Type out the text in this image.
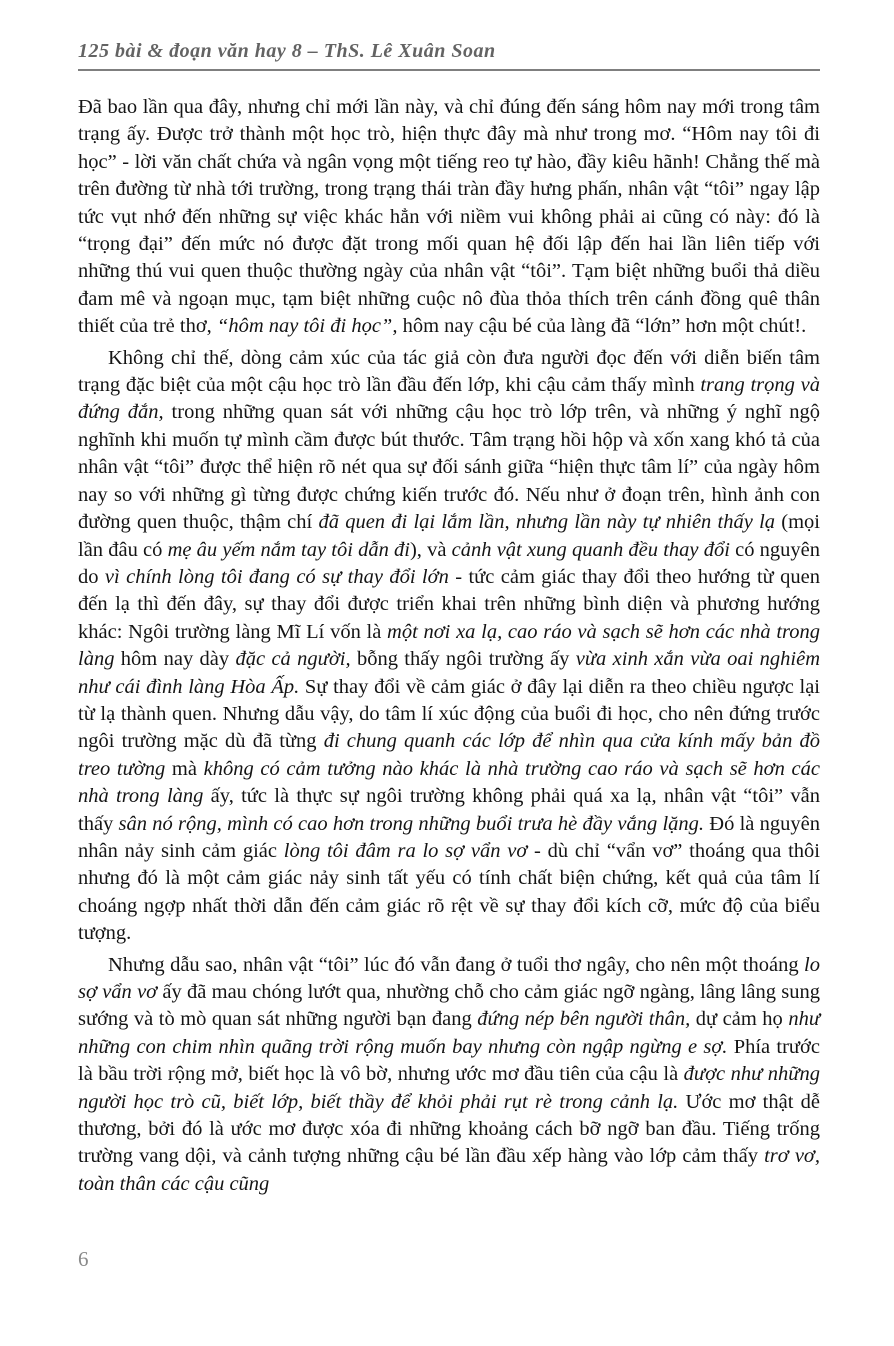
125 bài & đoạn văn hay 8 – ThS. Lê Xuân Soan

Đã bao lần qua đây, nhưng chỉ mới lần này, và chỉ đúng đến sáng hôm nay mới trong tâm trạng ấy. Được trở thành một học trò, hiện thực đây mà như trong mơ. “Hôm nay tôi đi học” - lời văn chất chứa và ngân vọng một tiếng reo tự hào, đầy kiêu hãnh! Chẳng thế mà trên đường từ nhà tới trường, trong trạng thái tràn đầy hưng phấn, nhân vật “tôi” ngay lập tức vụt nhớ đến những sự việc khác hẳn với niềm vui không phải ai cũng có này: đó là “trọng đại” đến mức nó được đặt trong mối quan hệ đối lập đến hai lần liên tiếp với những thú vui quen thuộc thường ngày của nhân vật “tôi”. Tạm biệt những buổi thả diều đam mê và ngoạn mục, tạm biệt những cuộc nô đùa thỏa thích trên cánh đồng quê thân thiết của trẻ thơ, “hôm nay tôi đi học”, hôm nay cậu bé của làng đã “lớn” hơn một chút!.

Không chỉ thế, dòng cảm xúc của tác giả còn đưa người đọc đến với diễn biến tâm trạng đặc biệt của một cậu học trò lần đầu đến lớp, khi cậu cảm thấy mình trang trọng và đứng đắn, trong những quan sát với những cậu học trò lớp trên, và những ý nghĩ ngộ nghĩnh khi muốn tự mình cầm được bút thước. Tâm trạng hồi hộp và xốn xang khó tả của nhân vật “tôi” được thể hiện rõ nét qua sự đối sánh giữa “hiện thực tâm lí” của ngày hôm nay so với những gì từng được chứng kiến trước đó. Nếu như ở đoạn trên, hình ảnh con đường quen thuộc, thậm chí đã quen đi lại lắm lần, nhưng lần này tự nhiên thấy lạ (mọi lần đâu có mẹ âu yếm nắm tay tôi dẫn đi), và cảnh vật xung quanh đều thay đổi có nguyên do vì chính lòng tôi đang có sự thay đổi lớn - tức cảm giác thay đổi theo hướng từ quen đến lạ thì đến đây, sự thay đổi được triển khai trên những bình diện và phương hướng khác: Ngôi trường làng Mĩ Lí vốn là một nơi xa lạ, cao ráo và sạch sẽ hơn các nhà trong làng hôm nay dày đặc cả người, bỗng thấy ngôi trường ấy vừa xinh xắn vừa oai nghiêm như cái đình làng Hòa Ấp. Sự thay đổi về cảm giác ở đây lại diễn ra theo chiều ngược lại từ lạ thành quen. Nhưng dẫu vậy, do tâm lí xúc động của buổi đi học, cho nên đứng trước ngôi trường mặc dù đã từng đi chung quanh các lớp để nhìn qua cửa kính mấy bản đồ treo tường mà không có cảm tưởng nào khác là nhà trường cao ráo và sạch sẽ hơn các nhà trong làng ấy, tức là thực sự ngôi trường không phải quá xa lạ, nhân vật “tôi” vẫn thấy sân nó rộng, mình có cao hơn trong những buổi trưa hè đầy vắng lặng. Đó là nguyên nhân nảy sinh cảm giác lòng tôi đâm ra lo sợ vẩn vơ - dù chỉ “vẩn vơ” thoáng qua thôi nhưng đó là một cảm giác nảy sinh tất yếu có tính chất biện chứng, kết quả của tâm lí choáng ngợp nhất thời dẫn đến cảm giác rõ rệt về sự thay đổi kích cỡ, mức độ của biểu tượng.

Nhưng dẫu sao, nhân vật “tôi” lúc đó vẫn đang ở tuổi thơ ngây, cho nên một thoáng lo sợ vẩn vơ ấy đã mau chóng lướt qua, nhường chỗ cho cảm giác ngỡ ngàng, lâng lâng sung sướng và tò mò quan sát những người bạn đang đứng nép bên người thân, dự cảm họ như những con chim nhìn quãng trời rộng muốn bay nhưng còn ngập ngừng e sợ. Phía trước là bầu trời rộng mở, biết học là vô bờ, nhưng ước mơ đầu tiên của cậu là được như những người học trò cũ, biết lớp, biết thầy để khỏi phải rụt rè trong cảnh lạ. Ước mơ thật dễ thương, bởi đó là ước mơ được xóa đi những khoảng cách bỡ ngỡ ban đầu. Tiếng trống trường vang dội, và cảnh tượng những cậu bé lần đầu xếp hàng vào lớp cảm thấy trơ vơ, toàn thân các cậu cũng

6
